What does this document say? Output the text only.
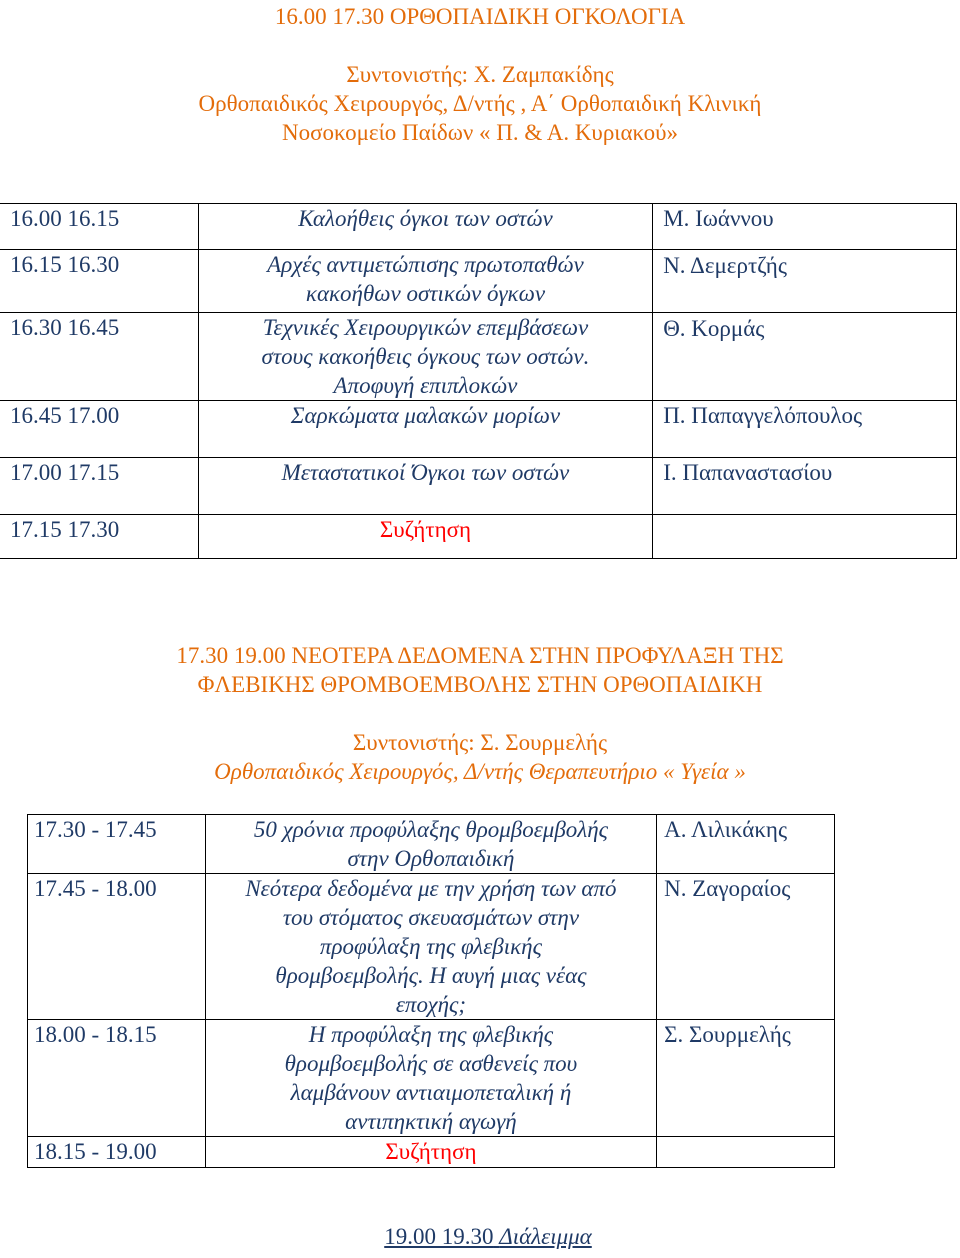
16.00 17.30 ΟΡΘΟΠΑΙΔΙΚΗ ΟΓΚΟΛΟΓΙΑ
Συντονιστής: Χ. Ζαμπακίδης
Ορθοπαιδικός Χειρουργός, Δ/ντής , Α΄ Ορθοπαιδική Κλινική
Νοσοκομείο Παίδων « Π. & Α. Κυριακού»
16.00 16.15	Καλοήθεις όγκοι των οστών	Μ. Ιωάννου
16.15 16.30	Αρχές αντιμετώπισης πρωτοπαθών
κακοήθων οστικών όγκων	Ν. Δεμερτζής

16.30 16.45	Τεχνικές Χειρουργικών επεμβάσεων
στους κακοήθεις όγκους των οστών.
Αποφυγή επιπλοκών	Θ. Κορμάς

16.45 17.00	Σαρκώματα μαλακών μορίων	Π. Παπαγγελόπουλος
17.00 17.15	Μεταστατικοί Όγκοι των οστών	Ι. Παπαναστασίου
17.15 17.30	Συζήτηση	

17.30 19.00 ΝΕΟΤΕΡΑ ΔΕΔΟΜΕΝΑ ΣΤΗΝ ΠΡΟΦΥΛΑΞΗ ΤΗΣ
ΦΛΕΒΙΚΗΣ ΘΡΟΜΒΟΕΜΒΟΛΗΣ ΣΤΗΝ ΟΡΘΟΠΑΙΔΙΚΗ
Συντονιστής: Σ. Σουρμελής
Ορθοπαιδικός Χειρουργός, Δ/ντής Θεραπευτήριο « Υγεία »
17.30 - 17.45	50 χρόνια προφύλαξης θρομβοεμβολής
στην Ορθοπαιδική	Α. Λιλικάκης
17.45 - 18.00	Νεότερα δεδομένα με την χρήση των από
του στόματος σκευασμάτων στην
προφύλαξη της φλεβικής
θρομβοεμβολής. Η αυγή μιας νέας
εποχής;	Ν. Ζαγοραίος
18.00 - 18.15	Η προφύλαξη της φλεβικής
θρομβοεμβολής σε ασθενείς που
λαμβάνουν αντιαιμοπεταλική ή
αντιπηκτική αγωγή	Σ. Σουρμελής
18.15 - 19.00	Συζήτηση	

19.00 19.30 Διάλειμμα
